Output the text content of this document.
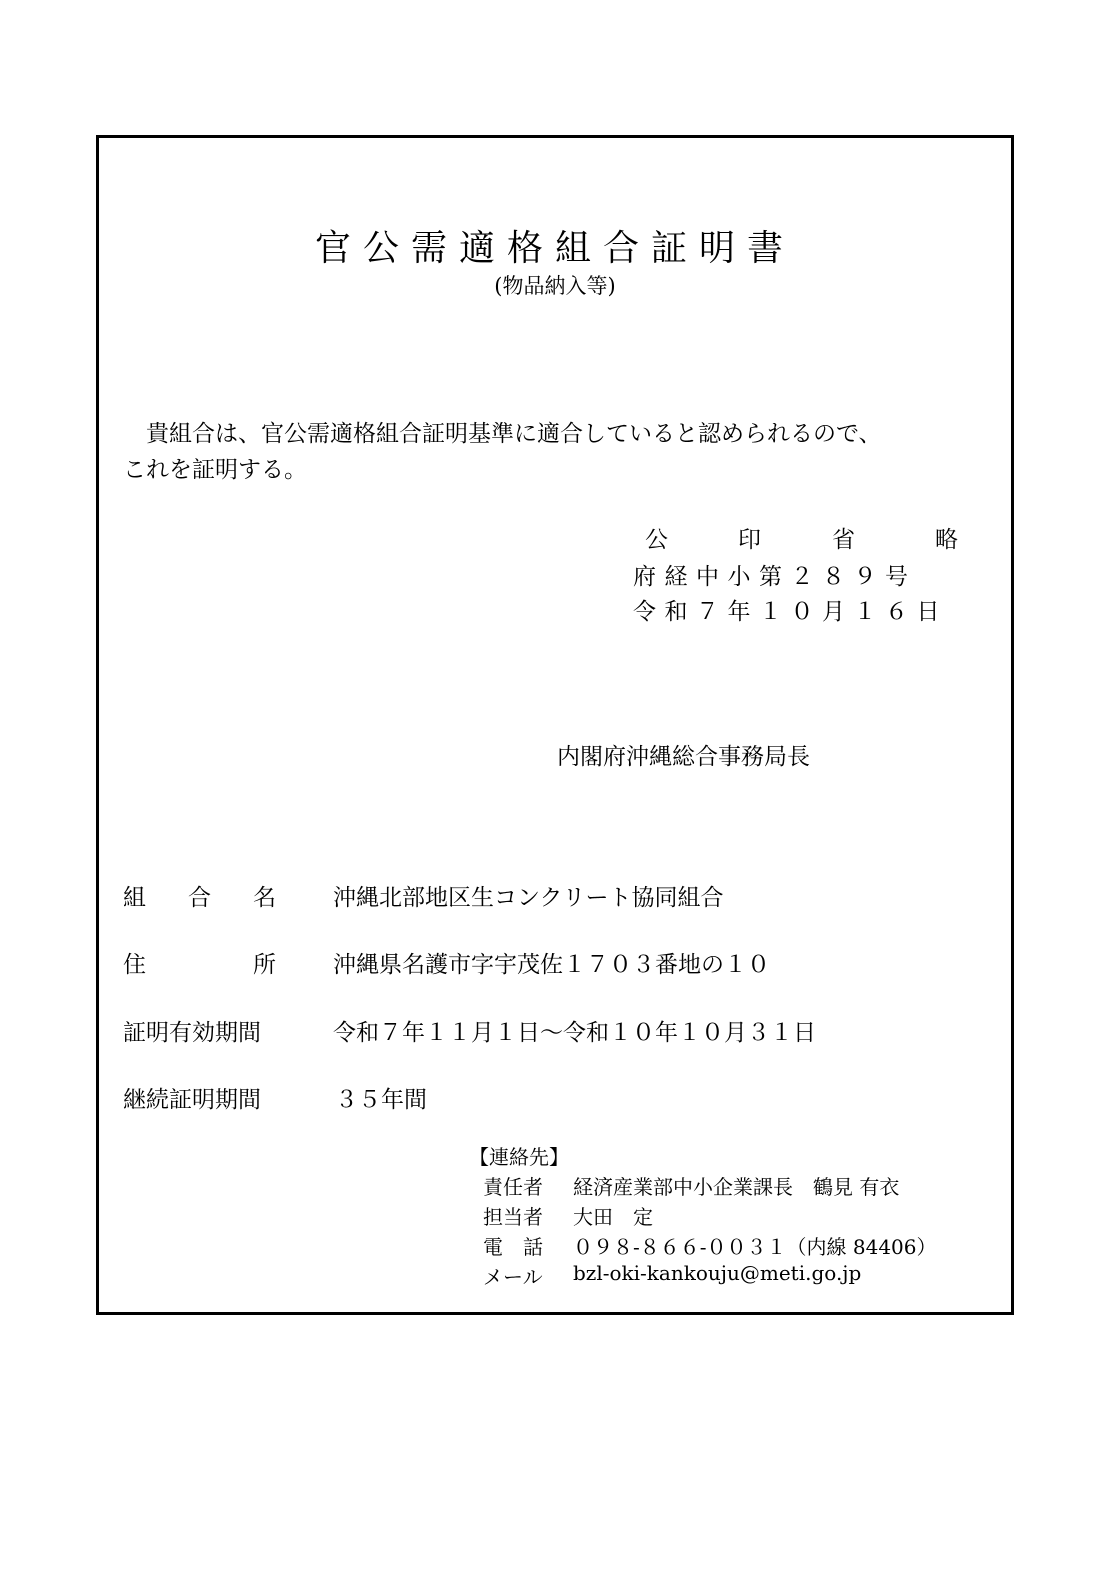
官公需適格組合証明書
(物品納入等)
貴組合は、官公需適格組合証明基準に適合していると認められるので、
これを証明する。
公	印	省	略
府経中小第２８９号
令和７年１０月１６日
内閣府沖縄総合事務局長
組 合 名 沖縄北部地区生コンクリート協同組合
住	所 沖縄県名護市字宇茂佐１７０３番地の１０
証明有効期間	令和７年１１月１日～令和１０年１０月３１日
継続証明期間	３５年間
【連絡先】
責任者 経済産業部中小企業課長　鶴見 有衣
担当者 大田　定
電　話 ０９８-８６６-００３１（内線 84406）
メール bzl-oki-kankouju@meti.go.jp
